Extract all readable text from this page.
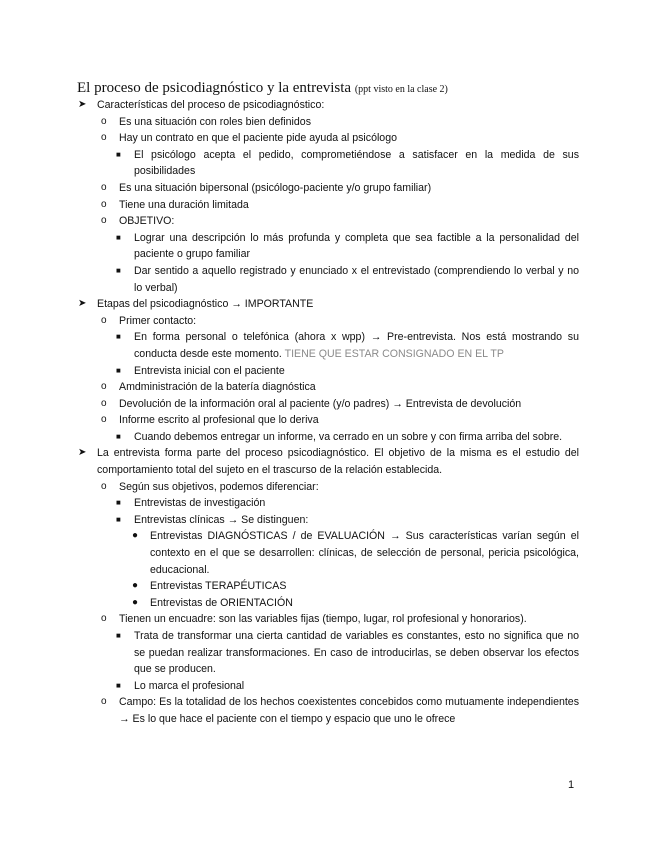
El proceso de psicodiagnóstico y la entrevista (ppt visto en la clase 2)
➤ Características del proceso de psicodiagnóstico:
o Es una situación con roles bien definidos
o Hay un contrato en que el paciente pide ayuda al psicólogo
■ El psicólogo acepta el pedido, comprometiéndose a satisfacer en la medida de sus posibilidades
o Es una situación bipersonal (psicólogo-paciente y/o grupo familiar)
o Tiene una duración limitada
o OBJETIVO:
■ Lograr una descripción lo más profunda y completa que sea factible a la personalidad del paciente o grupo familiar
■ Dar sentido a aquello registrado y enunciado x el entrevistado (comprendiendo lo verbal y no lo verbal)
➤ Etapas del psicodiagnóstico → IMPORTANTE
o Primer contacto:
■ En forma personal o telefónica (ahora x wpp) → Pre-entrevista. Nos está mostrando su conducta desde este momento. TIENE QUE ESTAR CONSIGNADO EN EL TP
■ Entrevista inicial con el paciente
o Amdministración de la batería diagnóstica
o Devolución de la información oral al paciente (y/o padres) → Entrevista de devolución
o Informe escrito al profesional que lo deriva
■ Cuando debemos entregar un informe, va cerrado en un sobre y con firma arriba del sobre.
➤ La entrevista forma parte del proceso psicodiagnóstico. El objetivo de la misma es el estudio del comportamiento total del sujeto en el trascurso de la relación establecida.
o Según sus objetivos, podemos diferenciar:
■ Entrevistas de investigación
■ Entrevistas clínicas → Se distinguen:
● Entrevistas DIAGNÓSTICAS / de EVALUACIÓN → Sus características varían según el contexto en el que se desarrollen: clínicas, de selección de personal, pericia psicológica, educacional.
● Entrevistas TERAPÉUTICAS
● Entrevistas de ORIENTACIÓN
o Tienen un encuadre: son las variables fijas (tiempo, lugar, rol profesional y honorarios).
■ Trata de transformar una cierta cantidad de variables es constantes, esto no significa que no se puedan realizar transformaciones. En caso de introducirlas, se deben observar los efectos que se producen.
■ Lo marca el profesional
o Campo: Es la totalidad de los hechos coexistentes concebidos como mutuamente independientes → Es lo que hace el paciente con el tiempo y espacio que uno le ofrece
1
